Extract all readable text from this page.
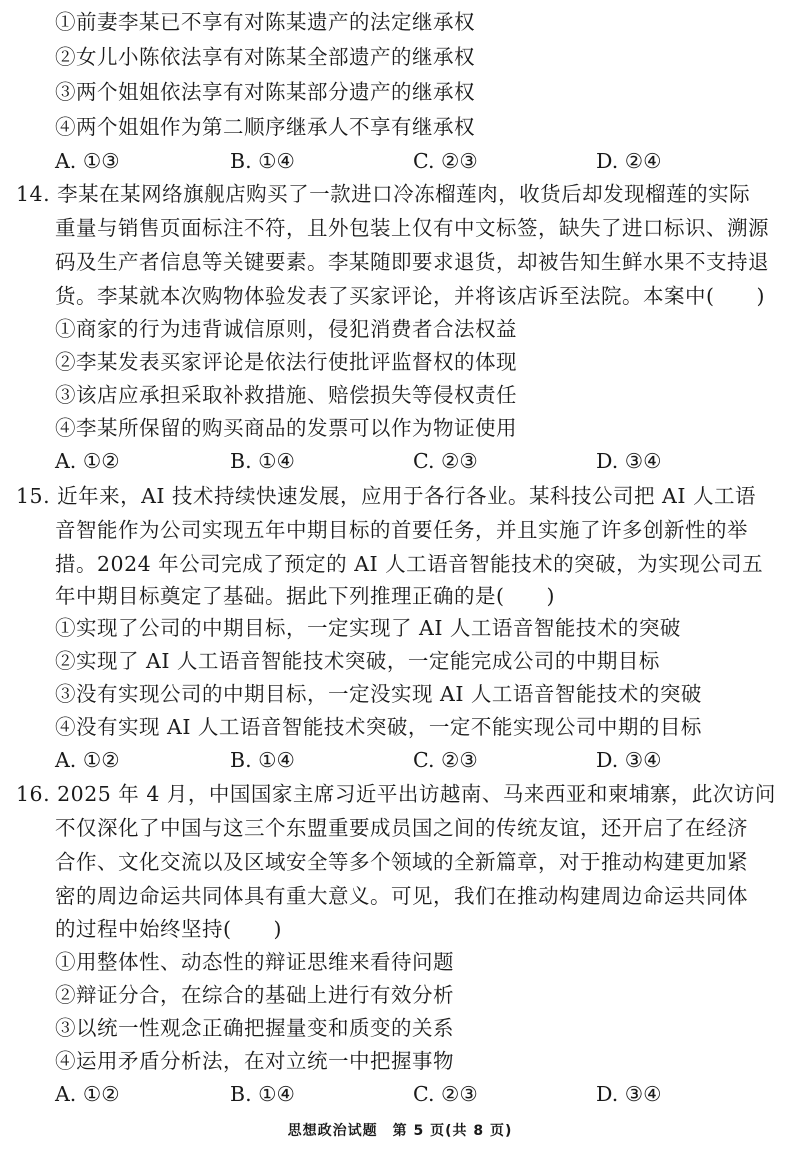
①前妻李某已不享有对陈某遗产的法定继承权
②女儿小陈依法享有对陈某全部遗产的继承权
③两个姐姐依法享有对陈某部分遗产的继承权
④两个姐姐作为第二顺序继承人不享有继承权
A. ①③	B. ①④	C. ②③	D. ②④
14. 李某在某网络旗舰店购买了一款进口冷冻榴莲肉，收货后却发现榴莲的实际
重量与销售页面标注不符，且外包装上仅有中文标签，缺失了进口标识、溯源
码及生产者信息等关键要素。李某随即要求退货，却被告知生鲜水果不支持退
货。李某就本次购物体验发表了买家评论，并将该店诉至法院。本案中(　　)
①商家的行为违背诚信原则，侵犯消费者合法权益
②李某发表买家评论是依法行使批评监督权的体现
③该店应承担采取补救措施、赔偿损失等侵权责任
④李某所保留的购买商品的发票可以作为物证使用
A. ①②	B. ①④	C. ②③	D. ③④
15. 近年来，AI 技术持续快速发展，应用于各行各业。某科技公司把 AI 人工语
音智能作为公司实现五年中期目标的首要任务，并且实施了许多创新性的举
措。2024 年公司完成了预定的 AI 人工语音智能技术的突破，为实现公司五
年中期目标奠定了基础。据此下列推理正确的是(　　)
①实现了公司的中期目标，一定实现了 AI 人工语音智能技术的突破
②实现了 AI 人工语音智能技术突破，一定能完成公司的中期目标
③没有实现公司的中期目标，一定没实现 AI 人工语音智能技术的突破
④没有实现 AI 人工语音智能技术突破，一定不能实现公司中期的目标
A. ①②	B. ①④	C. ②③	D. ③④
16. 2025 年 4 月，中国国家主席习近平出访越南、马来西亚和柬埔寨，此次访问
不仅深化了中国与这三个东盟重要成员国之间的传统友谊，还开启了在经济
合作、文化交流以及区域安全等多个领域的全新篇章，对于推动构建更加紧
密的周边命运共同体具有重大意义。可见，我们在推动构建周边命运共同体
的过程中始终坚持(　　)
①用整体性、动态性的辩证思维来看待问题
②辩证分合，在综合的基础上进行有效分析
③以统一性观念正确把握量变和质变的关系
④运用矛盾分析法，在对立统一中把握事物
A. ①②	B. ①④	C. ②③	D. ③④
思想政治试题　第 5 页(共 8 页)
